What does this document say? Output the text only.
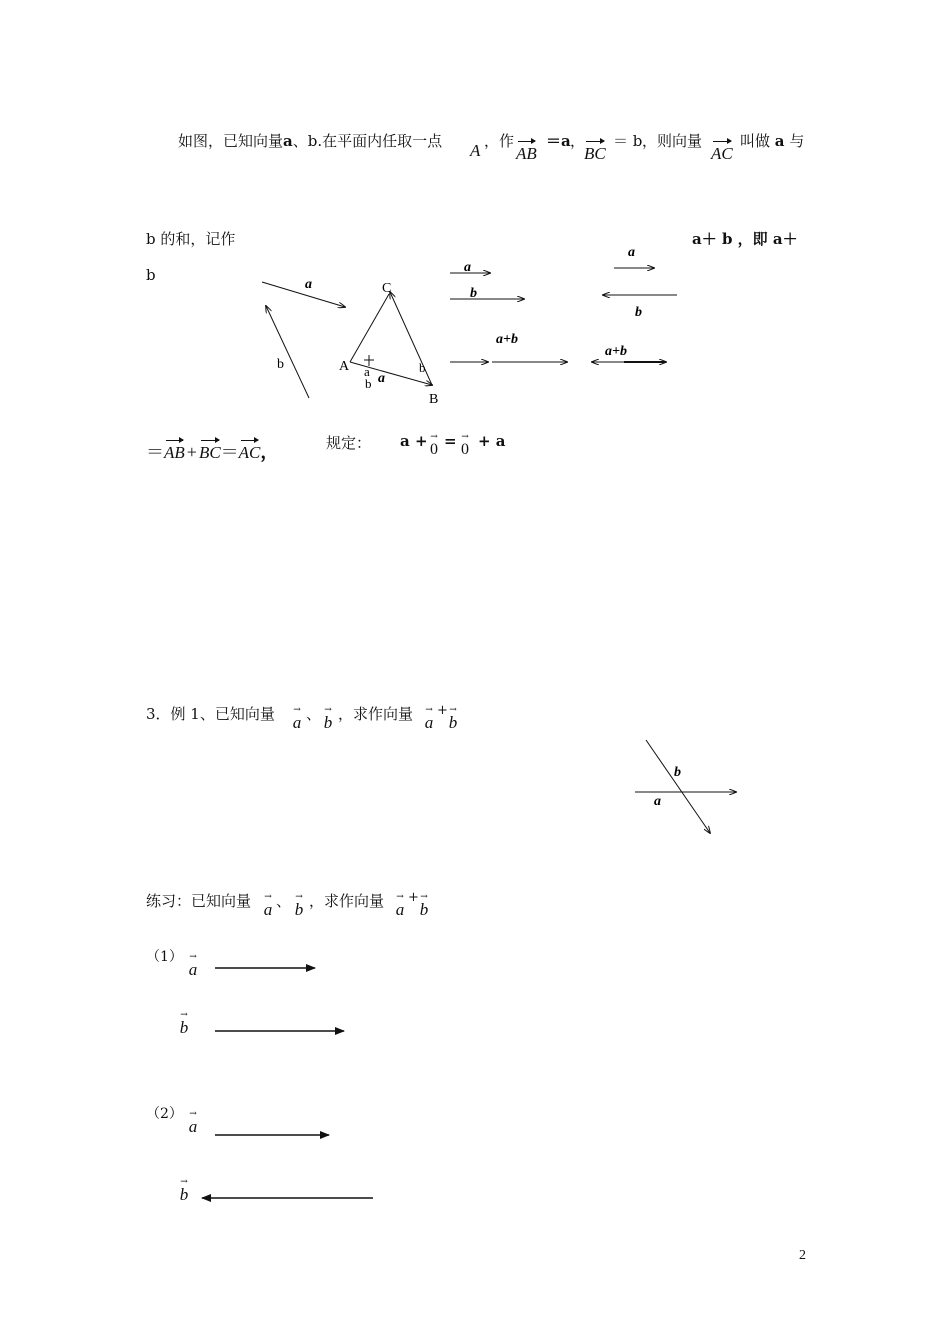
如图，已知向量a、b.在平面内任取一点 A ，作
AB
＝a ，
BC
＝ b ，则向量
AC
叫做 a 与
b 的和，记作	a＋ b ，即 a＋
b
a
b
C
A
B
a
b a
b
a
b
a+b
a
b
a+b
＝AB + BC＝AC，	规定： a + →
0 = →
0 + a
3．例 1、已知向量 →
a 、 →
b ，求作向量 →
a
+ →
b
a
b
练习：已知向量 →
a 、 →
b ，求作向量 →
a
+ →
b
（1） →
a
→
b
（2） →
a
→
b
2
